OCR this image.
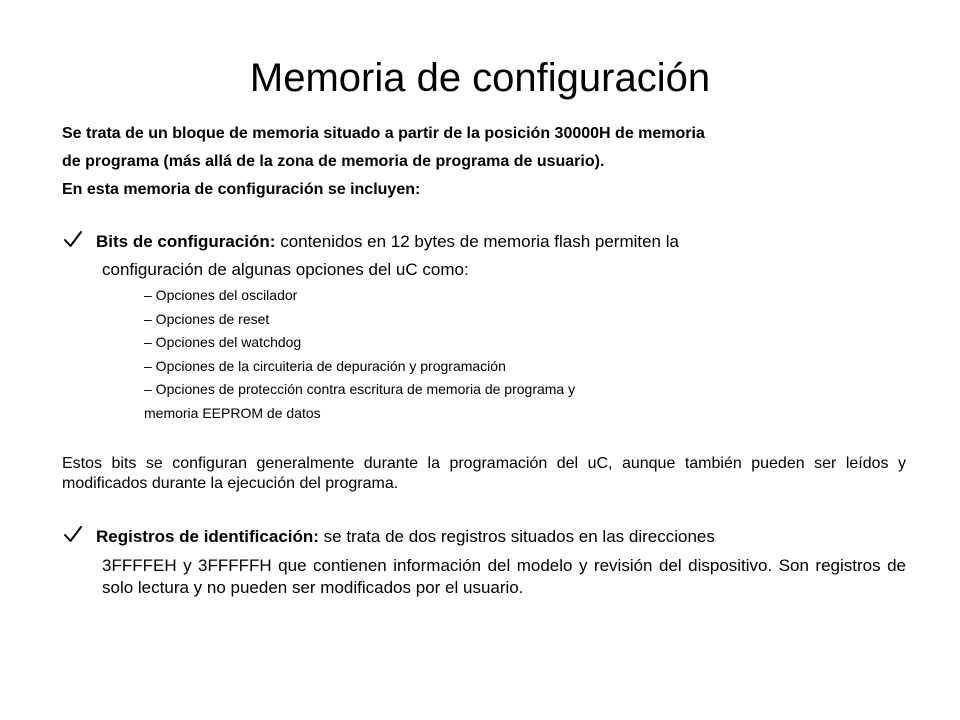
Memoria de configuración
Se trata de un bloque de memoria situado a partir de la posición 30000H de memoria
de programa (más allá de la zona de memoria de programa de usuario).
En esta memoria de configuración se incluyen:
Bits de configuración: contenidos en 12 bytes de memoria flash permiten la
configuración de algunas opciones del uC como:
– Opciones del oscilador
– Opciones de reset
– Opciones del watchdog
– Opciones de la circuiteria de depuración y programación
– Opciones de protección contra escritura de memoria de programa y
memoria EEPROM de datos
Estos bits se configuran generalmente durante la programación del uC, aunque también pueden ser leídos y modificados durante la ejecución del programa.
Registros de identificación: se trata de dos registros situados en las direcciones
3FFFFEH y 3FFFFFH que contienen información del modelo y revisión del dispositivo. Son registros de solo lectura y no pueden ser modificados por el usuario.
